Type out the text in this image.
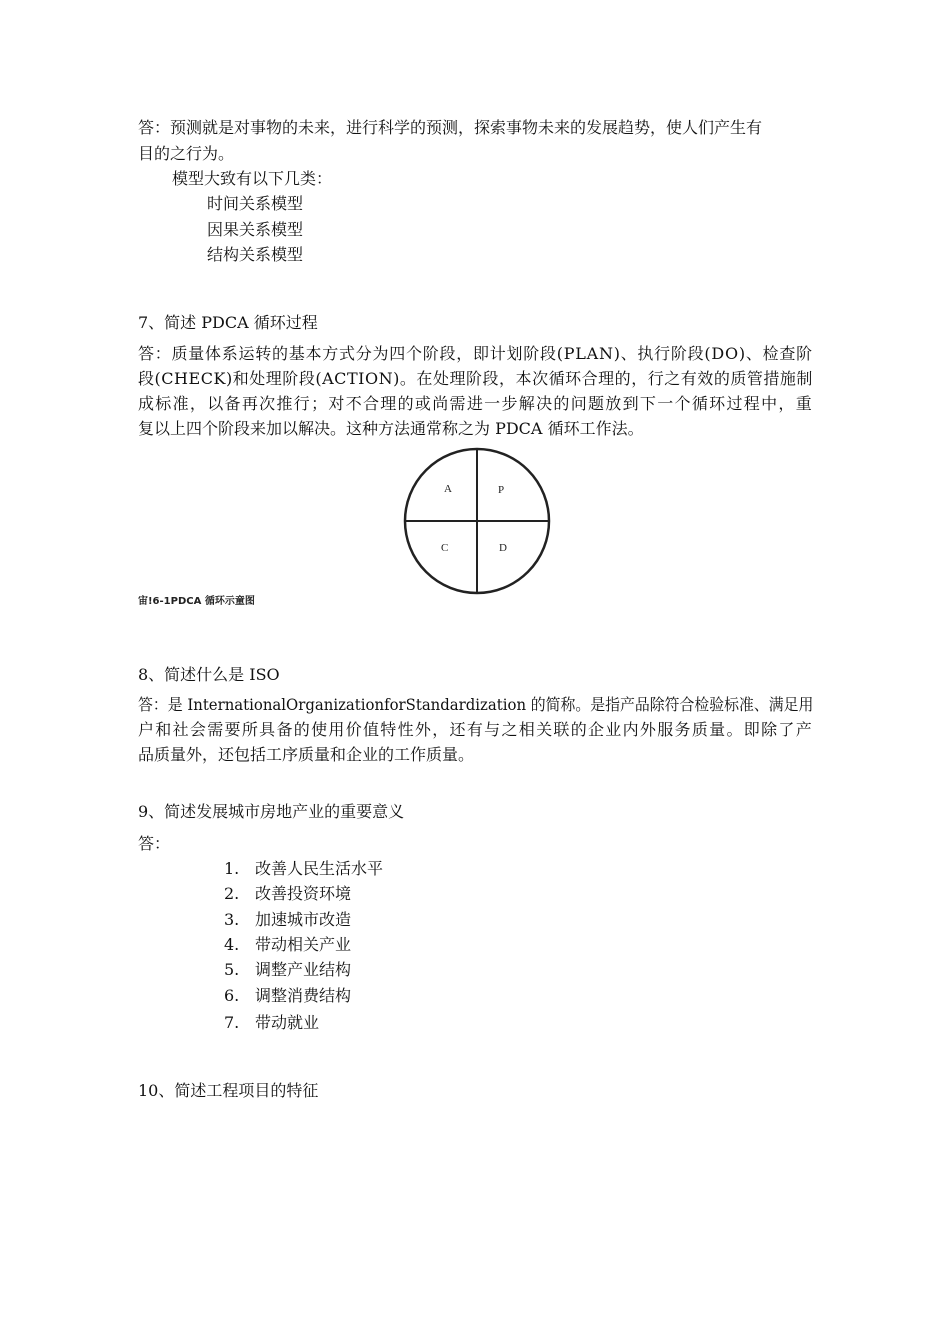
答：预测就是对事物的未来，进行科学的预测，探索事物未来的发展趋势，使人们产生有
目的之行为。
模型大致有以下几类：
时间关系模型
因果关系模型
结构关系模型
7、简述 PDCA 循环过程
答：质量体系运转的基本方式分为四个阶段，即计划阶段(PLAN)、执行阶段(DO)、检查阶
段(CHECK)和处理阶段(ACTION)。在处理阶段，本次循环合理的，行之有效的质管措施制
成标准，以备再次推行；对不合理的或尚需进一步解决的问题放到下一个循环过程中，重
复以上四个阶段来加以解决。这种方法通常称之为 PDCA 循环工作法。
A	P
C	D
宙!6-1PDCA 循环示童图
8、简述什么是 ISO
答：是 InternationalOrganizationforStandardization 的简称。是指产品除符合检验标准、满足用
户和社会需要所具备的使用价值特性外，还有与之相关联的企业内外服务质量。即除了产
品质量外，还包括工序质量和企业的工作质量。
9、简述发展城市房地产业的重要意义
答：
1. 改善人民生活水平
2. 改善投资环境
3. 加速城市改造
4. 带动相关产业
5. 调整产业结构
6. 调整消费结构
7. 带动就业
10、简述工程项目的特征
